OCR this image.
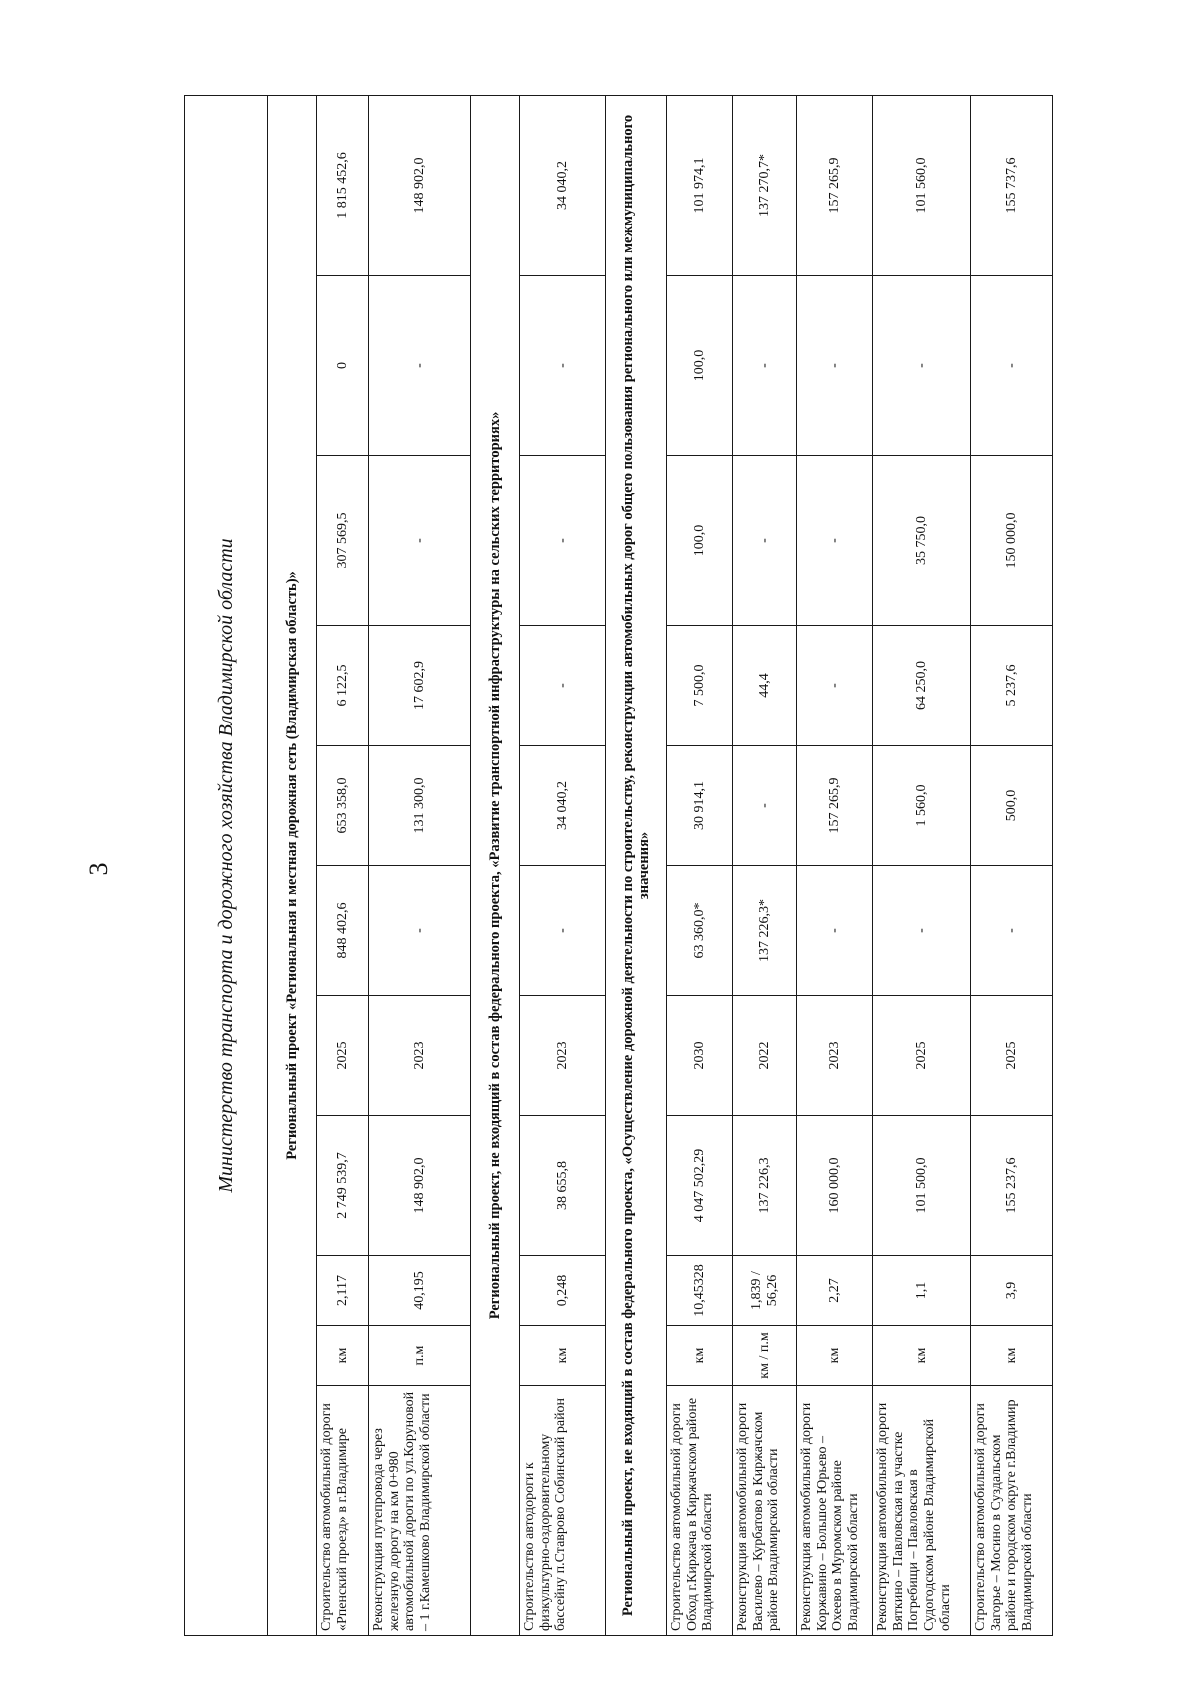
3	Министерство транспорта и дорожного хозяйства Владимирской области										
Региональный проект «Региональная и местная дорожная сеть (Владимирская область)»										
Строительство автомобильной дороги «Рпенский проезд» в г.Владимире	км	2,117	2 749 539,7	2025	848 402,6	653 358,0	6 122,5	307 569,5	0	1 815 452,6
Реконструкция путепровода через железную дорогу на км 0+980 автомобильной дороги по ул.Коруновой – 1 г.Камешково Владимирской области	п.м	40,195	148 902,0	2023	-	131 300,0	17 602,9	-	-	148 902,0
Региональный проект, не входящий в состав федерального проекта, «Развитие транспортной инфраструктуры на сельских территориях»										
Строительство автодороги к физкультурно-оздоровительному бассейну п.Ставрово Собинский район	км	0,248	38 655,8	2023	-	34 040,2	-	-	-	34 040,2
Региональный проект, не входящий в состав федерального проекта, «Осуществление дорожной деятельности по строительству, реконструкции автомобильных дорог общего пользования регионального или межмуниципального значения»										
Строительство автомобильной дороги Обход г.Киржача в Киржачском районе Владимирской области	км	10,45328	4 047 502,29	2030	63 360,0*	30 914,1	7 500,0	100,0	100,0	101 974,1
Реконструкция автомобильной дороги Василево – Курбатово в Киржачском районе Владимирской области	км / п.м	1,839 / 56,26	137 226,3	2022	137 226,3*	-	44,4	-	-	137 270,7*
Реконструкция автомобильной дороги Коржавино – Большое Юрьево – Охеево в Муромском районе Владимирской области	км	2,27	160 000,0	2023	-	157 265,9	-	-	-	157 265,9
Реконструкция автомобильной дороги Вяткино – Павловская на участке Погребищи – Павловская в Судогодском районе Владимирской области	км	1,1	101 500,0	2025	-	1 560,0	64 250,0	35 750,0	-	101 560,0
Строительство автомобильной дороги Загорье – Мосино в Суздальском районе и городском округе г.Владимир Владимирской области	км	3,9	155 237,6	2025	-	500,0	5 237,6	150 000,0	-	155 737,6
